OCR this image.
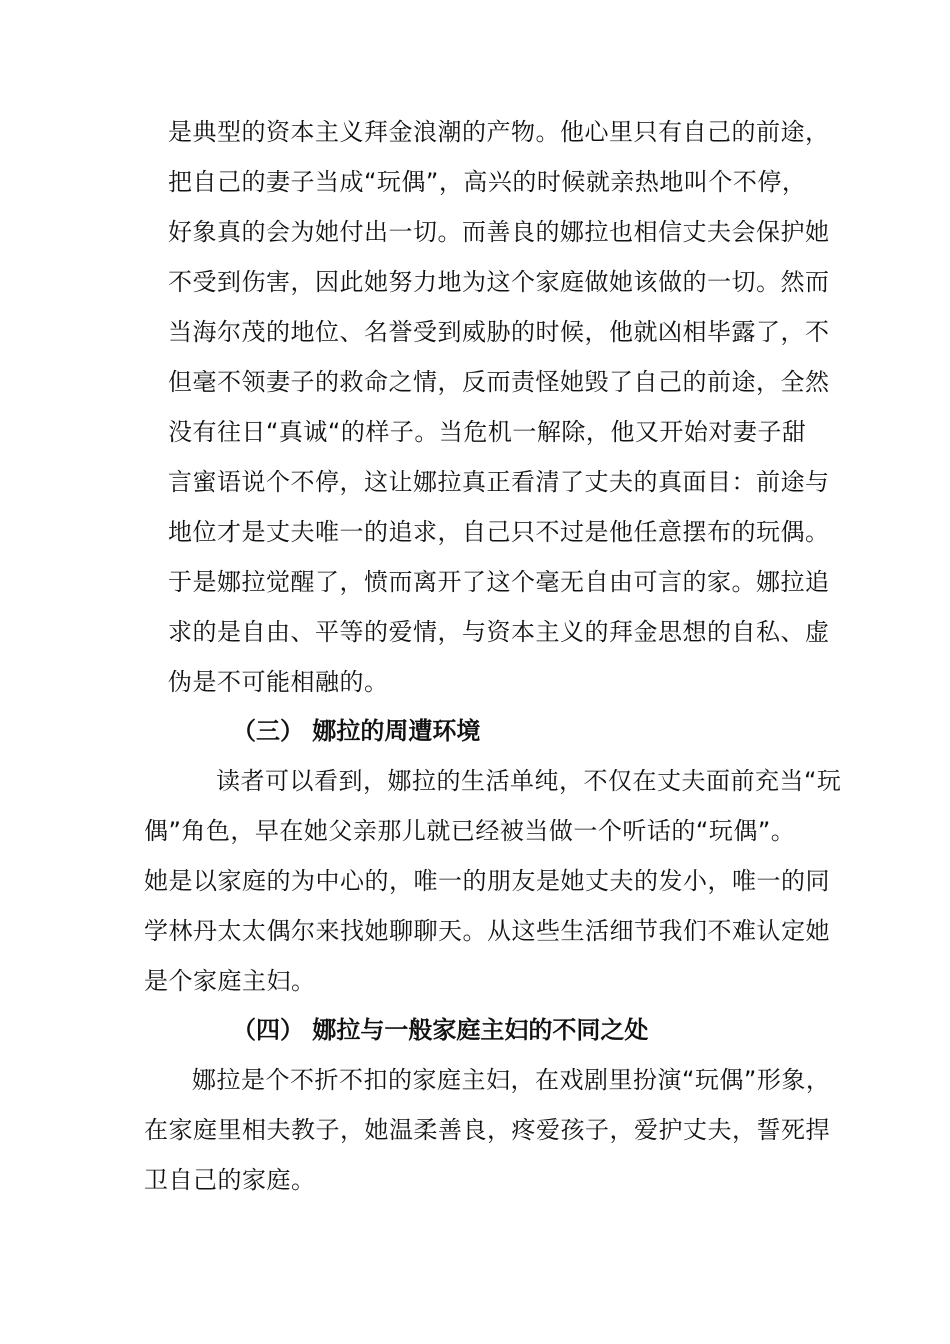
是典型的资本主义拜金浪潮的产物。他心里只有自己的前途，
把自己的妻子当成“玩偶”，高兴的时候就亲热地叫个不停，
好象真的会为她付出一切。而善良的娜拉也相信丈夫会保护她
不受到伤害，因此她努力地为这个家庭做她该做的一切。然而
当海尔茂的地位、名誉受到威胁的时候，他就凶相毕露了，不
但毫不领妻子的救命之情，反而责怪她毁了自己的前途，全然
没有往日“真诚“的样子。当危机一解除，他又开始对妻子甜
言蜜语说个不停，这让娜拉真正看清了丈夫的真面目：前途与
地位才是丈夫唯一的追求，自己只不过是他任意摆布的玩偶。
于是娜拉觉醒了，愤而离开了这个毫无自由可言的家。娜拉追
求的是自由、平等的爱情，与资本主义的拜金思想的自私、虚
伪是不可能相融的。
（三） 娜拉的周遭环境
读者可以看到，娜拉的生活单纯，不仅在丈夫面前充当“玩
偶”角色，早在她父亲那儿就已经被当做一个听话的“玩偶”。
她是以家庭的为中心的，唯一的朋友是她丈夫的发小，唯一的同
学林丹太太偶尔来找她聊聊天。从这些生活细节我们不难认定她
是个家庭主妇。
（四） 娜拉与一般家庭主妇的不同之处
娜拉是个不折不扣的家庭主妇，在戏剧里扮演“玩偶”形象，
在家庭里相夫教子，她温柔善良，疼爱孩子，爱护丈夫，誓死捍
卫自己的家庭。
